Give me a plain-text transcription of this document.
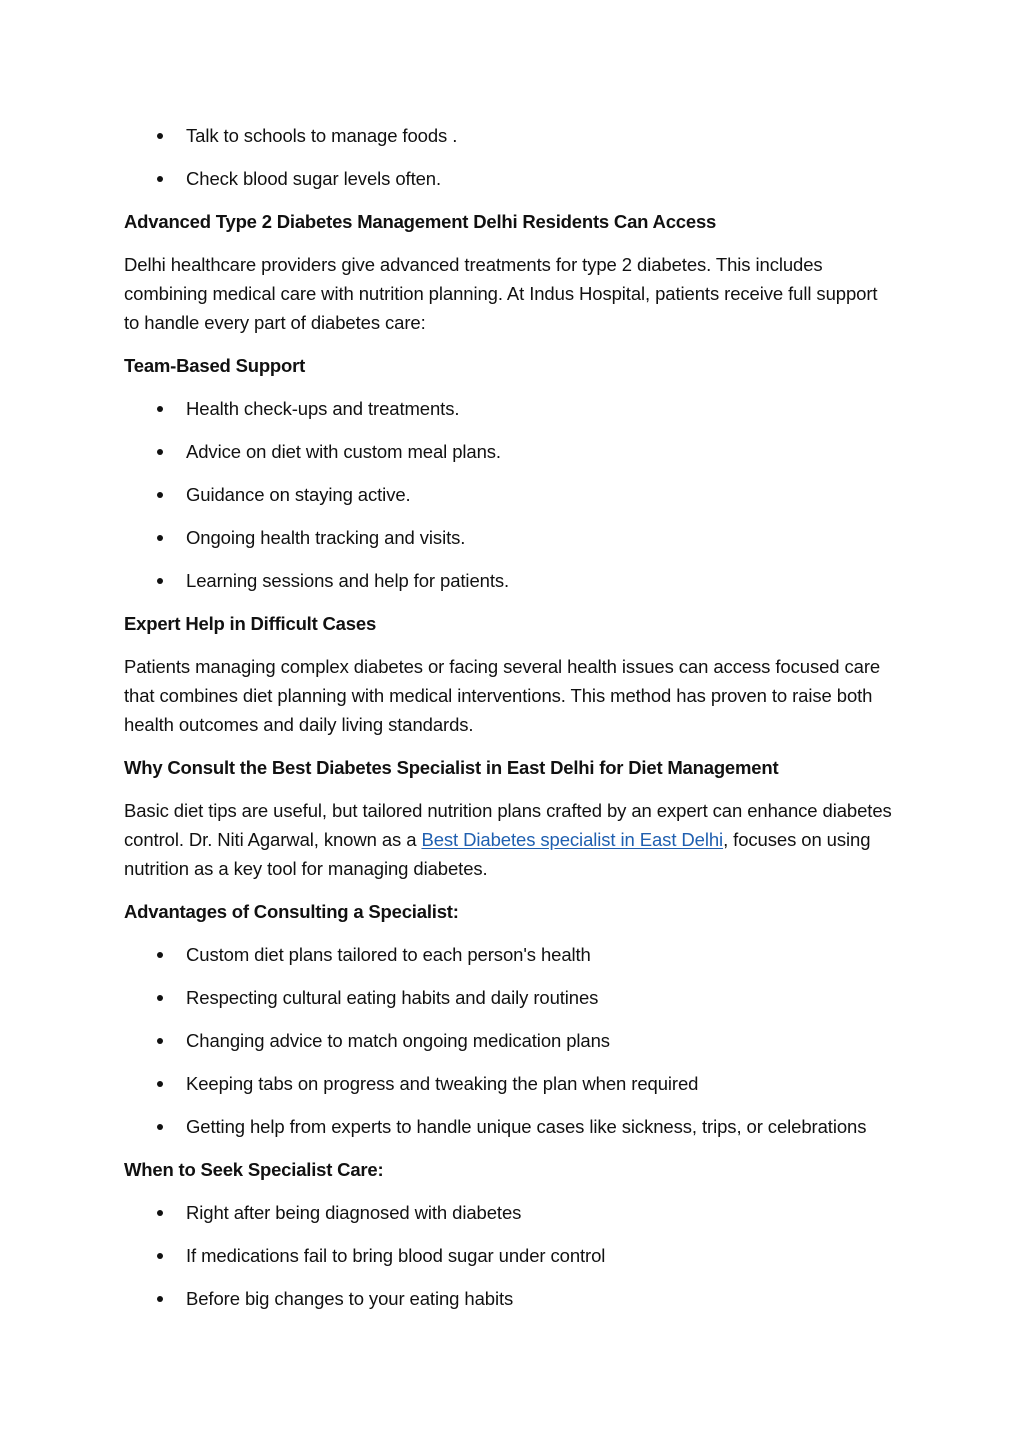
Talk to schools to manage foods .
Check blood sugar levels often.

Advanced Type 2 Diabetes Management Delhi Residents Can Access

Delhi healthcare providers give advanced treatments for type 2 diabetes. This includes combining medical care with nutrition planning. At Indus Hospital, patients receive full support to handle every part of diabetes care:

Team-Based Support

Health check-ups and treatments.
Advice on diet with custom meal plans.
Guidance on staying active.
Ongoing health tracking and visits.
Learning sessions and help for patients.

Expert Help in Difficult Cases

Patients managing complex diabetes or facing several health issues can access focused care that combines diet planning with medical interventions. This method has proven to raise both health outcomes and daily living standards.

Why Consult the Best Diabetes Specialist in East Delhi for Diet Management

Basic diet tips are useful, but tailored nutrition plans crafted by an expert can enhance diabetes control. Dr. Niti Agarwal, known as a Best Diabetes specialist in East Delhi, focuses on using nutrition as a key tool for managing diabetes.

Advantages of Consulting a Specialist:

Custom diet plans tailored to each person's health
Respecting cultural eating habits and daily routines
Changing advice to match ongoing medication plans
Keeping tabs on progress and tweaking the plan when required
Getting help from experts to handle unique cases like sickness, trips, or celebrations

When to Seek Specialist Care:

Right after being diagnosed with diabetes
If medications fail to bring blood sugar under control
Before big changes to your eating habits
